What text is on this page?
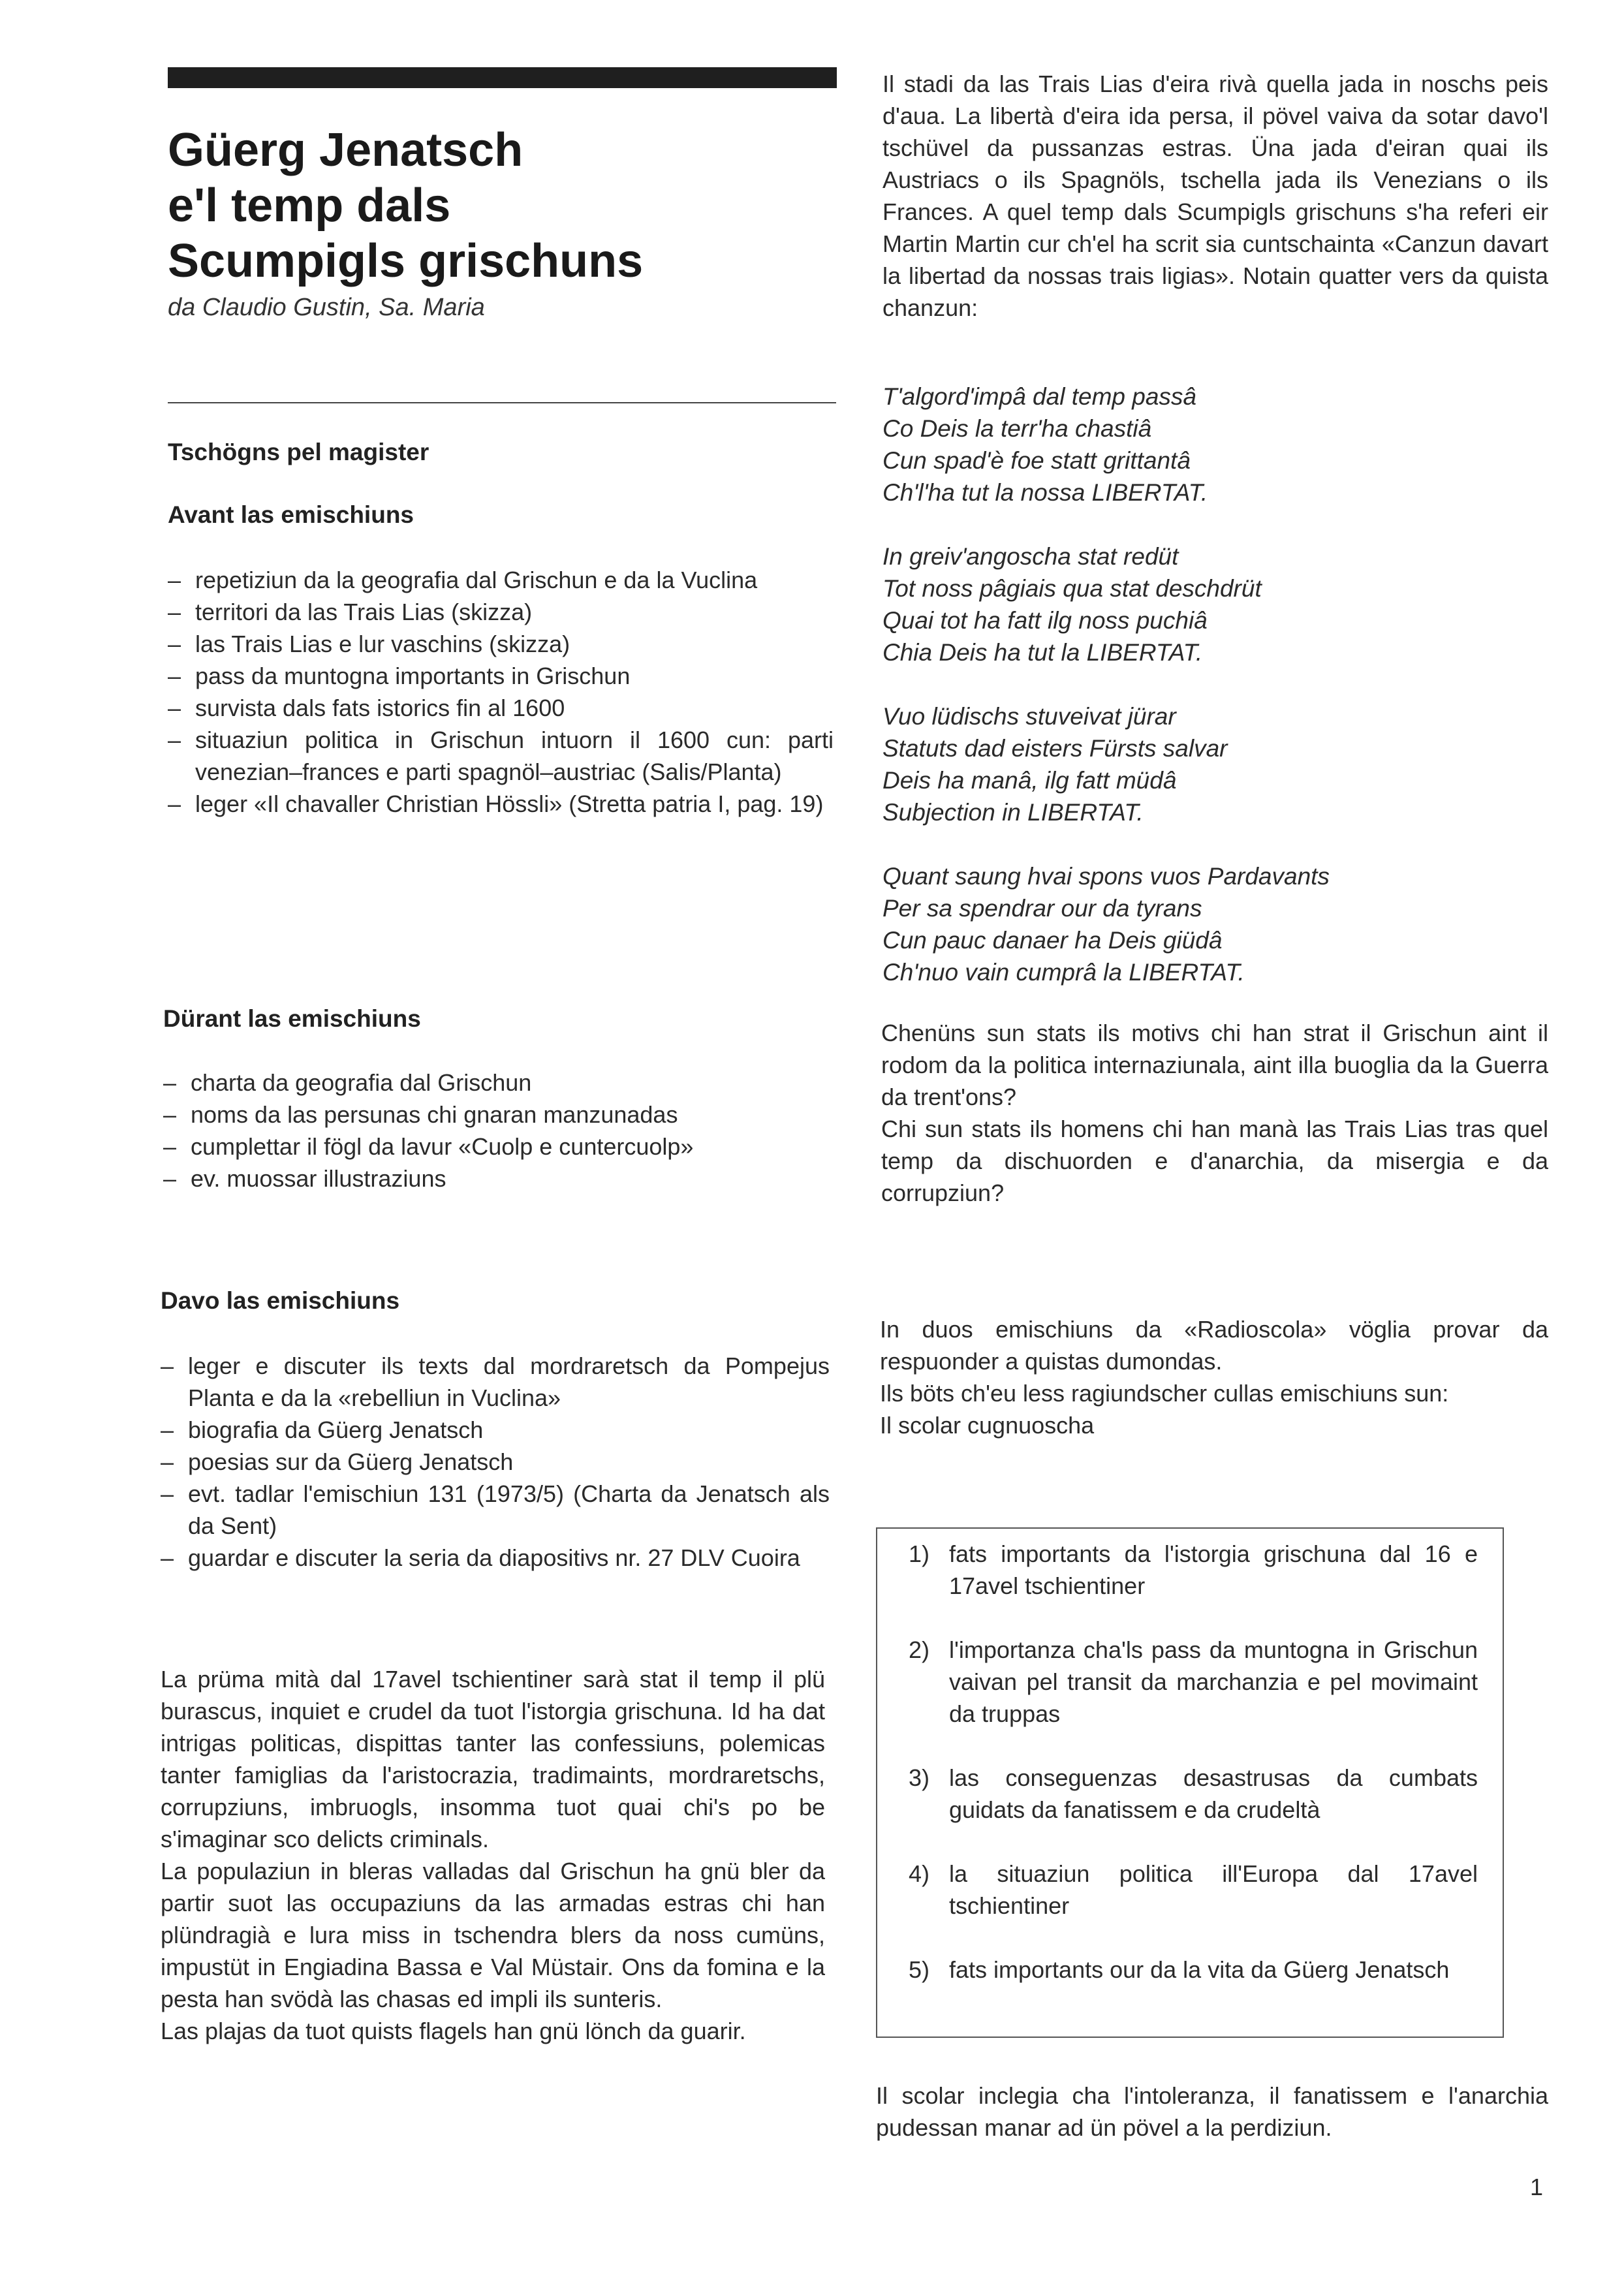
Güerg Jenatsch
e'l temp dals
Scumpigls grischuns
da Claudio Gustin, Sa. Maria
Tschögns pel magister
Avant las emischiuns
– repetiziun da la geografia dal Grischun e da la Vuclina
– territori da las Trais Lias (skizza)
– las Trais Lias e lur vaschins (skizza)
– pass da muntogna importants in Grischun
– survista dals fats istorics fin al 1600
– situaziun politica in Grischun intuorn il 1600 cun: parti venezian–frances e parti spagnöl–austriac (Salis/Planta)
– leger «Il chavaller Christian Hössli» (Stretta patria I, pag. 19)
Dürant las emischiuns
– charta da geografia dal Grischun
– noms da las persunas chi gnaran manzunadas
– cumplettar il fögl da lavur «Cuolp e cuntercuolp»
– ev. muossar illustraziuns
Davo las emischiuns
– leger e discuter ils texts dal mordraretsch da Pompejus Planta e da la «rebelliun in Vuclina»
– biografia da Güerg Jenatsch
– poesias sur da Güerg Jenatsch
– evt. tadlar l'emischiun 131 (1973/5) (Charta da Jenatsch als da Sent)
– guardar e discuter la seria da diapositivs nr. 27 DLV Cuoira

La prüma mità dal 17avel tschientiner sarà stat il temp il plü burascus, inquiet e crudel da tuot l'istorgia grischuna. Id ha dat intrigas politicas, dispittas tanter las confessiuns, polemicas tanter famiglias da l'aristocrazia, tradimaints, mordraretschs, corrupziuns, imbruogls, insomma tuot quai chi's po be s'imaginar sco delicts criminals.

La populaziun in bleras valladas dal Grischun ha gnü bler da partir suot las occupaziuns da las armadas estras chi han plündragià e lura miss in tschendra blers da noss cumüns, impustüt in Engiadina Bassa e Val Müstair. Ons da fomina e la pesta han svödà las chasas ed impli ils sunteris.

Las plajas da tuot quists flagels han gnü lönch da guarir.

Il stadi da las Trais Lias d'eira rivà quella jada in noschs peis d'aua. La libertà d'eira ida persa, il pövel vaiva da sotar davo'l tschüvel da pussanzas estras. Üna jada d'eiran quai ils Austriacs o ils Spagnöls, tschella jada ils Venezians o ils Frances. A quel temp dals Scumpigls grischuns s'ha referi eir Martin Martin cur ch'el ha scrit sia cuntschainta «Canzun davart la libertad da nossas trais ligias». Notain quatter vers da quista chanzun:
T'algord'impâ dal temp passâ
Co Deis la terr'ha chastiâ
Cun spad'è foe statt grittantâ
Ch'l'ha tut la nossa LIBERTAT.
In greiv'angoscha stat redüt
Tot noss pâgiais qua stat deschdrüt
Quai tot ha fatt ilg noss puchiâ
Chia Deis ha tut la LIBERTAT.
Vuo lüdischs stuveivat jürar
Statuts dad eisters Fürsts salvar
Deis ha manâ, ilg fatt müdâ
Subjection in LIBERTAT.
Quant saung hvai spons vuos Pardavants
Per sa spendrar our da tyrans
Cun pauc danaer ha Deis giüdâ
Ch'nuo vain cumprâ la LIBERTAT.

Chenüns sun stats ils motivs chi han strat il Grischun aint il rodom da la politica internaziunala, aint illa buoglia da la Guerra da trent'ons?

Chi sun stats ils homens chi han manà las Trais Lias tras quel temp da dischuorden e d'anarchia, da misergia e da corrupziun?

In duos emischiuns da «Radioscola» vöglia provar da respuonder a quistas dumondas.

Ils böts ch'eu less ragiundscher cullas emischiuns sun:

Il scolar cugnuoscha

1) fats importants da l'istorgia grischuna dal 16 e 17avel tschientiner
2) l'importanza cha'ls pass da muntogna in Grischun vaivan pel transit da marchanzia e pel movimaint da truppas
3) las conseguenzas desastrusas da cumbats guidats da fanatissem e da crudeltà
4) la situaziun politica ill'Europa dal 17avel tschientiner
5) fats importants our da la vita da Güerg Jenatsch
Il scolar inclegia cha l'intoleranza, il fanatissem e l'anarchia pudessan manar ad ün pövel a la perdiziun.
1
